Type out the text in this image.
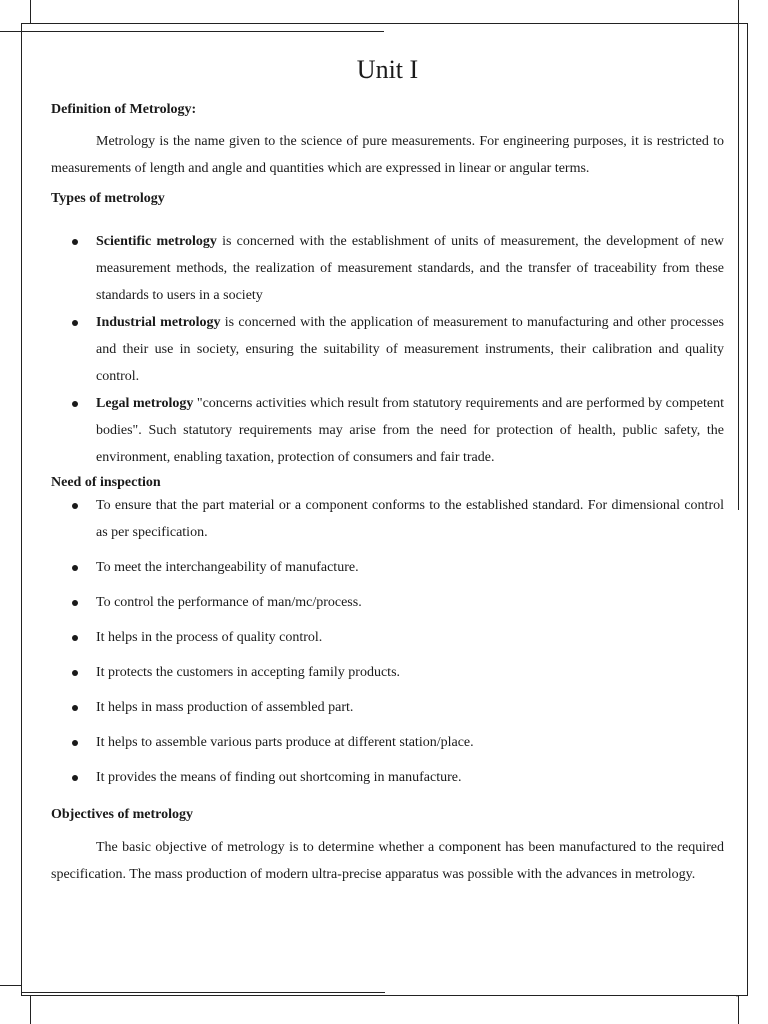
Unit I
Definition of Metrology:

Metrology is the name given to the science of pure measurements. For engineering purposes, it is restricted to measurements of length and angle and quantities which are expressed in linear or angular terms.

Types of metrology
Scientific metrology is concerned with the establishment of units of measurement, the development of new measurement methods, the realization of measurement standards, and the transfer of traceability from these standards to users in a society
Industrial metrology is concerned with the application of measurement to manufacturing and other processes and their use in society, ensuring the suitability of measurement instruments, their calibration and quality control.
Legal metrology "concerns activities which result from statutory requirements and are performed by competent bodies". Such statutory requirements may arise from the need for protection of health, public safety, the environment, enabling taxation, protection of consumers and fair trade.
Need of inspection
To ensure that the part material or a component conforms to the established standard. For dimensional control as per specification.
To meet the interchangeability of manufacture.
To control the performance of man/mc/process.
It helps in the process of quality control.
It protects the customers in accepting family products.
It helps in mass production of assembled part.
It helps to assemble various parts produce at different station/place.
It provides the means of finding out shortcoming in manufacture.
Objectives of metrology

The basic objective of metrology is to determine whether a component has been manufactured to the required specification. The mass production of modern ultra-precise apparatus was possible with the advances in metrology.

.
